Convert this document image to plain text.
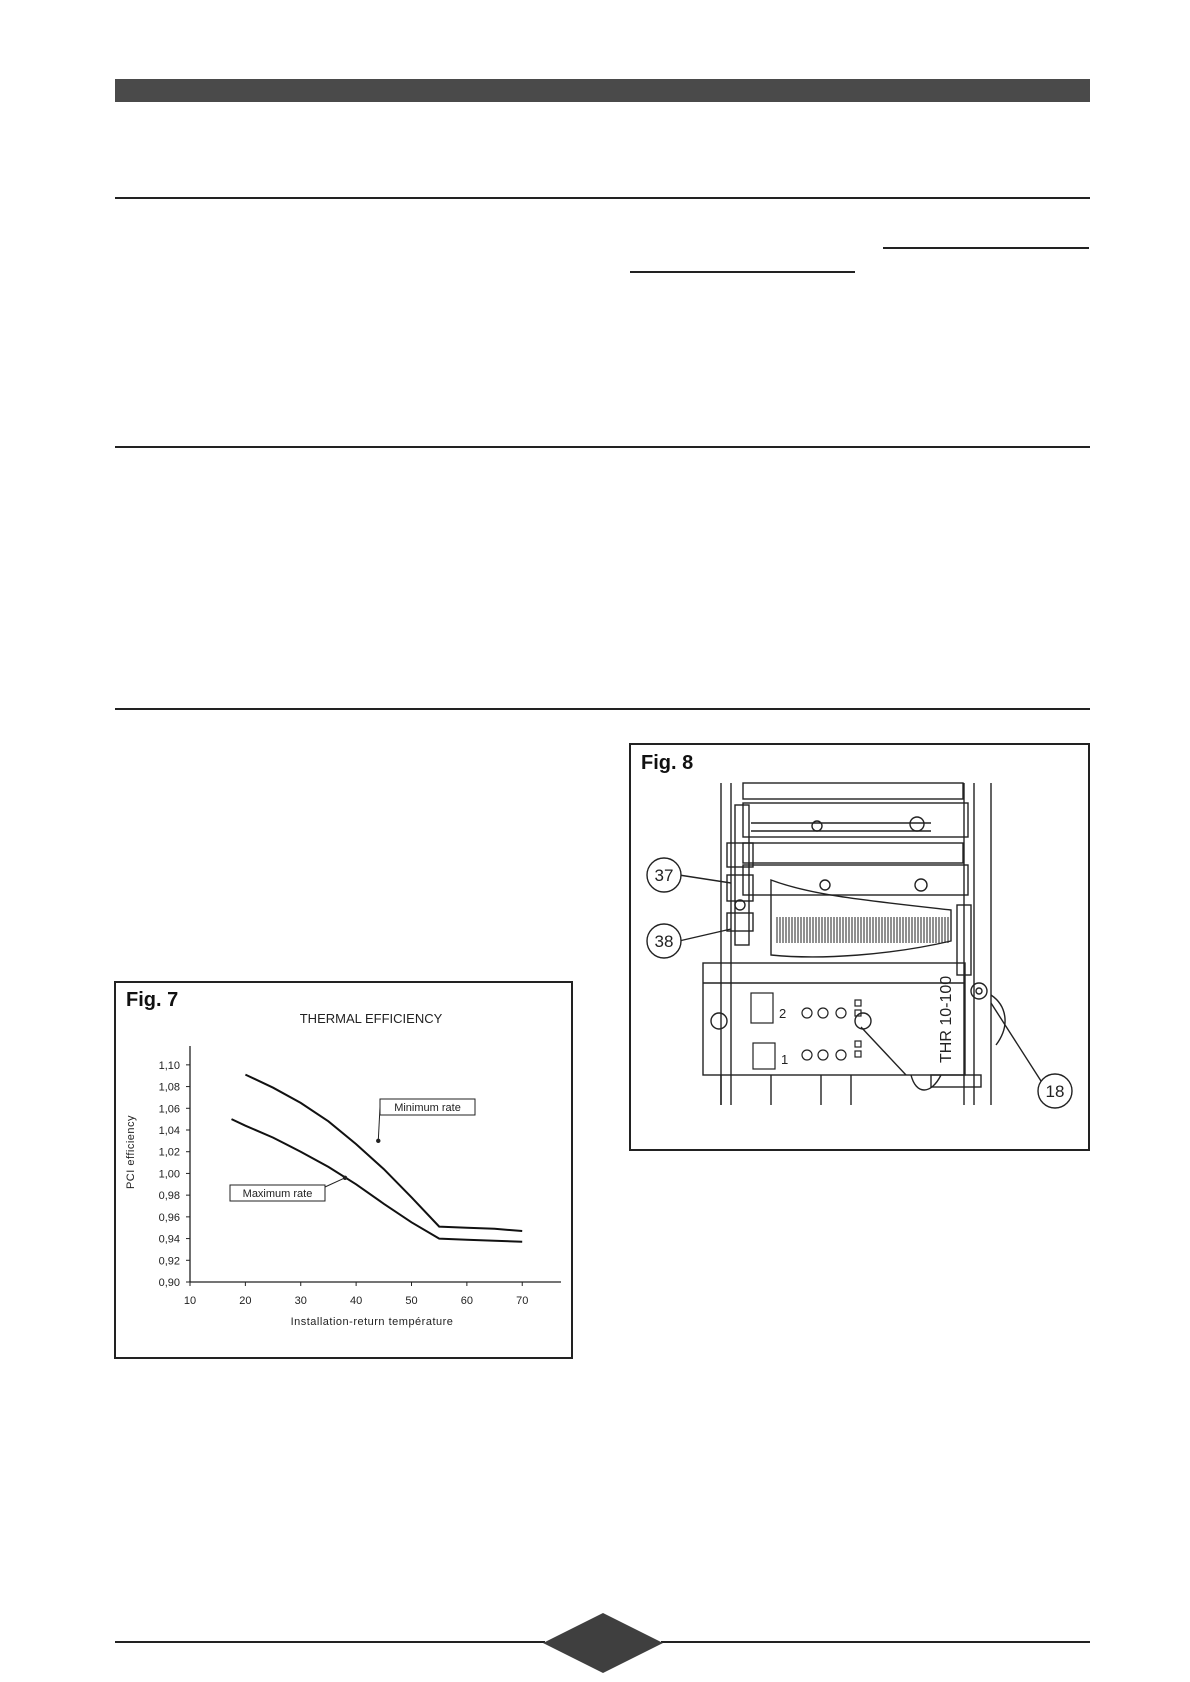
Fig. 7
THERMAL EFFICIENCY
Installation-return température
PCI efficiency
10	20	30	40	50	60	70
0,90
0,92
0,94
0,96
0,98
1,00
1,02
1,04
1,06
1,08
1,10
Minimum rate
Maximum rate
Fig. 8
2
1	THR 10-100
37
38
18
